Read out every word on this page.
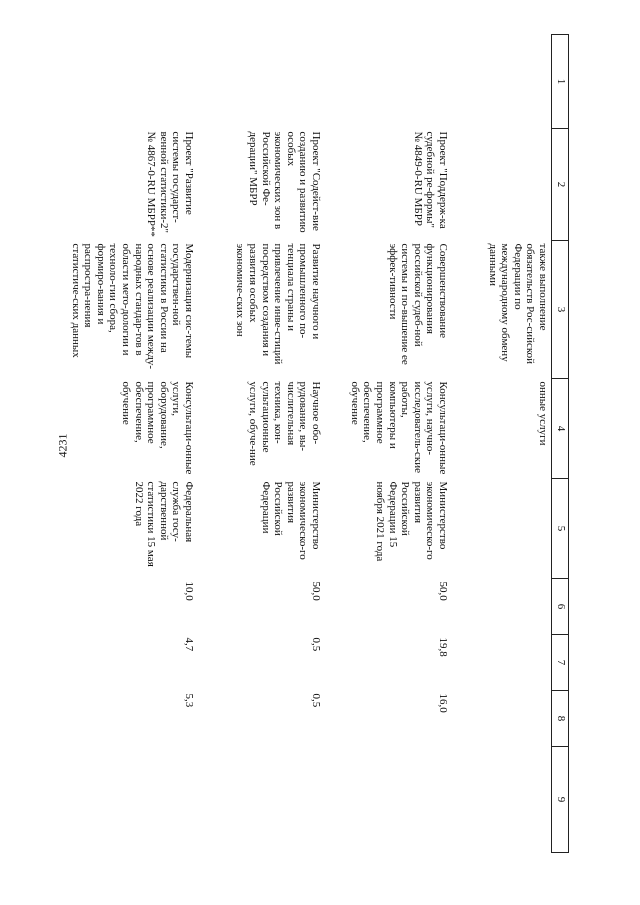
4231
1	2	3	4	5	6	7	8	9
		также выполнение обязательств Рос-сийской Федерации по международному обмену данными	онные услуги					
	Проект "Поддерж-ка судебной ре-формы" № 4849-0-RU МБРР	Совершенствование функционирования российской судеб-ной системы и по-вышение ее эффек-тивности	Консультаци-онные услуги, научно-исследователь-ские работы, компьютеры и программное обеспечение, обучение	Министерство экономическо-го развития Российской Федерации 15 ноября 2021 года	50,0	19,8	16,0	
	Проект "Содейст-вие созданию и развитию особых экономических зон в Российской Фе-дерации" МБРР	Развитие научного и промышленного по-тенциала страны и привлечение инве-стиций посредством создания и развития особых экономиче-ских зон	Научное обо-рудование, вы-числительная техника, кон-сультационные услуги, обуче-ние	Министерство экономическо-го развития Российской Федерации	50,0	0,5	0,5	
	Проект "Развитие системы государст-венной статистики-2" № 4867-0-RU МБРР**	Модернизация сис-темы государствен-ной статистики в России на основе реализации между-народных стандар-тов в области мето-дологии и техноло-гии сбора, формиро-вания и распростра-нения статистиче-ских данных	Консультаци-онные услуги, оборудование, программное обеспечение, обучение	Федеральная служба госу-дарственной статистики 15 мая 2022 года	10,0	4,7	5,3	
